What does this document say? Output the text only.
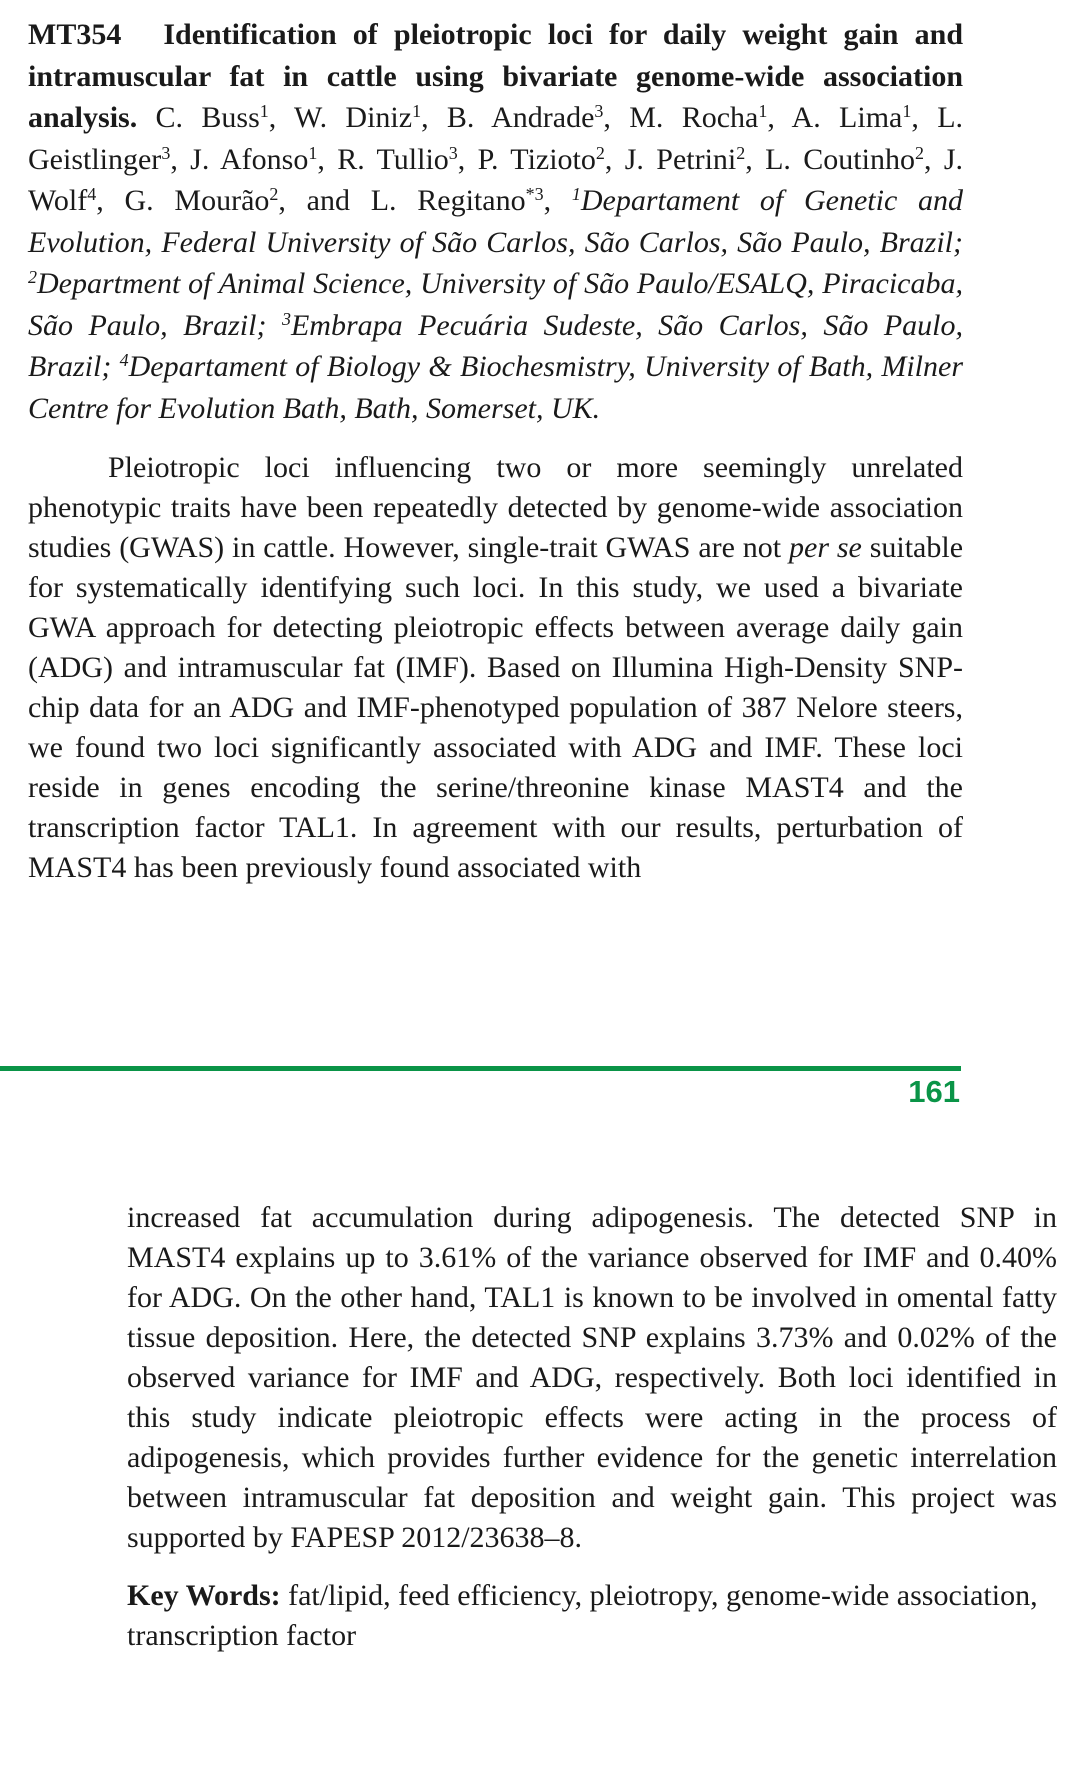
MT354 Identification of pleiotropic loci for daily weight gain and intramuscular fat in cattle using bivariate genome-wide association analysis. C. Buss$^1$, W. Diniz$^1$, B. Andrade$^3$, M. Rocha$^1$, A. Lima$^1$, L. Geistlinger$^3$, J. Afonso$^1$, R. Tullio$^3$, P. Tizioto$^2$, J. Petrini$^2$, L. Coutinho$^2$, J. Wolf$^4$, G. Mourão$^2$, and L. Regitano$^{*3}$, $^1$Departament of Genetic and Evolution, Federal University of São Carlos, São Carlos, São Paulo, Brazil; $^2$Department of Animal Science, University of São Paulo/ESALQ, Piracicaba, São Paulo, Brazil; $^3$Embrapa Pecuária Sudeste, São Carlos, São Paulo, Brazil; $^4$Departament of Biology & Biochesmistry, University of Bath, Milner Centre for Evolution Bath, Bath, Somerset, UK.

Pleiotropic loci influencing two or more seemingly unrelated phenotypic traits have been repeatedly detected by genome-wide association studies (GWAS) in cattle. However, single-trait GWAS are not per se suitable for systematically identifying such loci. In this study, we used a bivariate GWA approach for detecting pleiotropic effects between average daily gain (ADG) and intramuscular fat (IMF). Based on Illumina High-Density SNP-chip data for an ADG and IMF-phenotyped population of 387 Nelore steers, we found two loci significantly associated with ADG and IMF. These loci reside in genes encoding the serine/threonine kinase MAST4 and the transcription factor TAL1. In agreement with our results, perturbation of MAST4 has been previously found associated with

161
increased fat accumulation during adipogenesis. The detected SNP in MAST4 explains up to 3.61% of the variance observed for IMF and 0.40% for ADG. On the other hand, TAL1 is known to be involved in omental fatty tissue deposition. Here, the detected SNP explains 3.73% and 0.02% of the observed variance for IMF and ADG, respectively. Both loci identified in this study indicate pleiotropic effects were acting in the process of adipogenesis, which provides further evidence for the genetic interrelation between intramuscular fat deposition and weight gain. This project was supported by FAPESP 2012/23638–8.
Key Words: fat/lipid, feed efficiency, pleiotropy, genome-wide association, transcription factor
